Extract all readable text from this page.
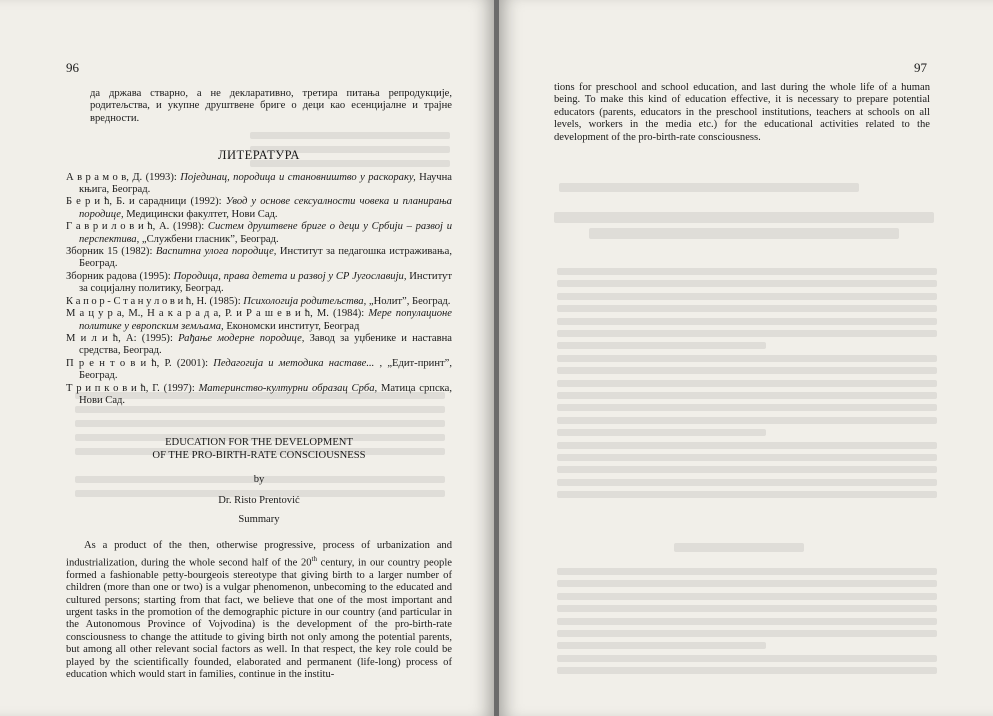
96

да држава стварно, а не декларативно, третира питања репродукције, родитељства, и укупне друштвене бриге о деци као есенцијалне и трајне вредности.

ЛИТЕРАТУРА
А в р а м о в, Д. (1993): Појединац, породица и становништво у раскораку, Научна књига, Београд.
Б е р и ћ, Б. и сарадници (1992): Увод у основе сексуалности човека и планирања породице, Медицински факултет, Нови Сад.
Г а в р и л о в и ћ, А. (1998): Систем друштвене бриге о деци у Србији – развој и перспектива, „Службени гласник”, Београд.
Зборник 15 (1982): Васпитна улога породице, Институт за педагошка истраживања, Београд.
Зборник радова (1995): Породица, права детета и развој у СР Југославији, Институт за социјалну политику, Београд.
К а п о р - С т а н у л о в и ћ, Н. (1985): Психологија родитељства, „Нолит”, Београд.
М а ц у р а, М., Н а к а р а д а, Р. и Р а ш е в и ћ, М. (1984): Мере популационе политике у европским земљама, Економски институт, Београд
М и л и ћ, А: (1995): Рађање модерне породице, Завод за уџбенике и наставна средства, Београд.
П р е н т о в и ћ, Р. (2001): Педагогија и методика наставе... , „Едит-принт”, Београд.
Т р и п к о в и ћ, Г. (1997): Материнство-културни образац Срба, Матица српска, Нови Сад.
EDUCATION FOR THE DEVELOPMENT
OF THE PRO-BIRTH-RATE CONSCIOUSNESS
by
Dr. Risto Prentović
Summary

As a product of the then, otherwise progressive, process of urbanization and industrialization, during the whole second half of the 20th century, in our country people formed a fashionable petty-bourgeois stereotype that giving birth to a larger number of children (more than one or two) is a vulgar phenomenon, unbecoming to the educated and cultured persons; starting from that fact, we believe that one of the most important and urgent tasks in the promotion of the demographic picture in our country (and particular in the Autonomous Province of Vojvodina) is the development of the pro-birth-rate consciousness to change the attitude to giving birth not only among the potential parents, but among all other relevant social factors as well. In that respect, the key role could be played by the scientifically founded, elaborated and permanent (life-long) process of education which would start in families, continue in the institu-

97

tions for preschool and school education, and last during the whole life of a human being. To make this kind of education effective, it is necessary to prepare potential educators (parents, educators in the preschool institutions, teachers at schools on all levels, workers in the media etc.) for the educational activities related to the development of the pro-birth-rate consciousness.
